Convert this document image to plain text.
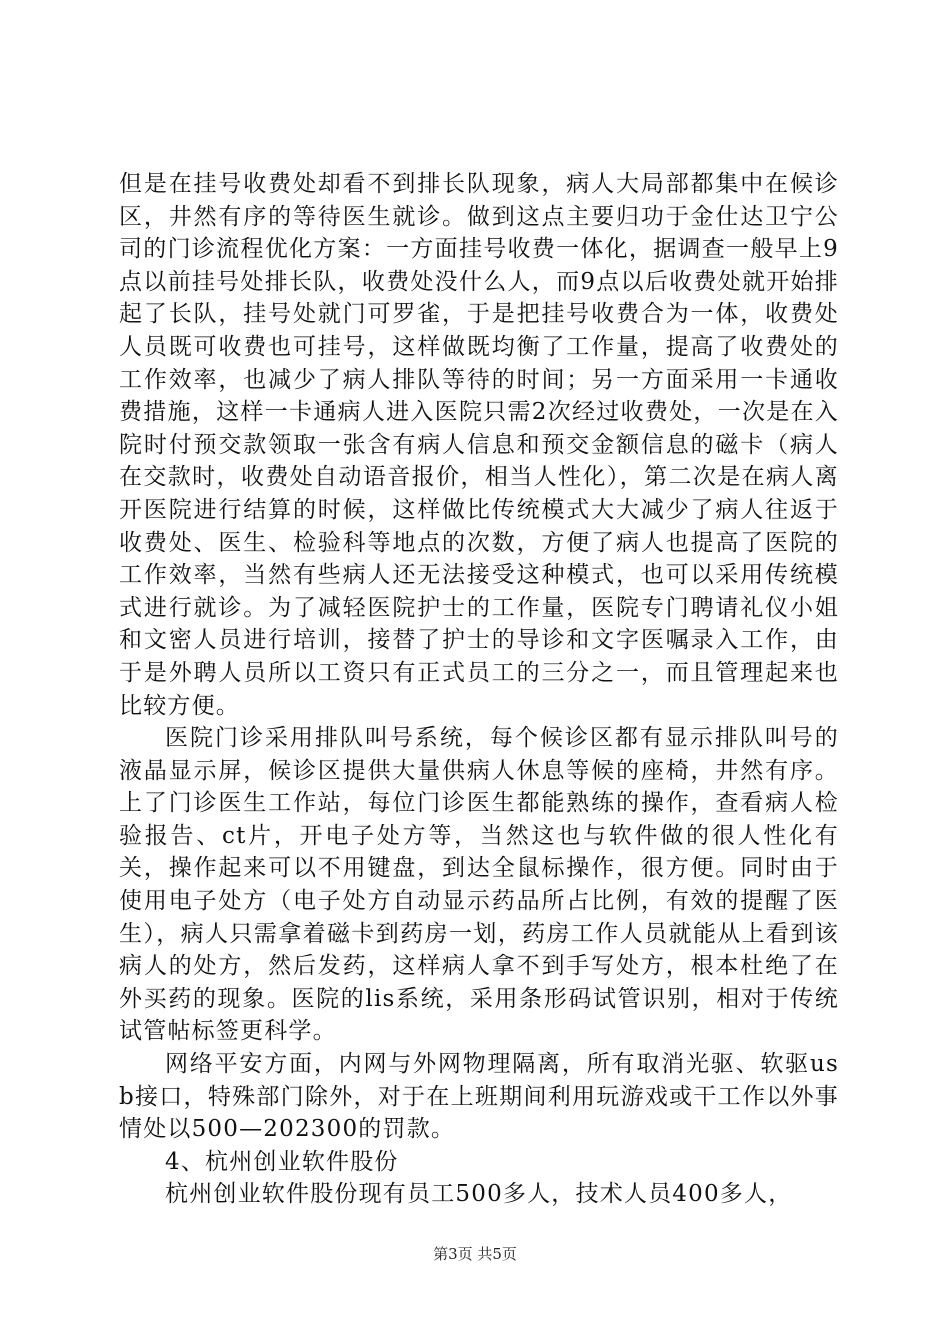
但是在挂号收费处却看不到排长队现象，病人大局部都集中在候诊区，井然有序的等待医生就诊。做到这点主要归功于金仕达卫宁公司的门诊流程优化方案：一方面挂号收费一体化，据调查一般早上9点以前挂号处排长队，收费处没什么人，而9点以后收费处就开始排起了长队，挂号处就门可罗雀，于是把挂号收费合为一体，收费处人员既可收费也可挂号，这样做既均衡了工作量，提高了收费处的工作效率，也减少了病人排队等待的时间；另一方面采用一卡通收费措施，这样一卡通病人进入医院只需2次经过收费处，一次是在入院时付预交款领取一张含有病人信息和预交金额信息的磁卡（病人在交款时，收费处自动语音报价，相当人性化），第二次是在病人离开医院进行结算的时候，这样做比传统模式大大减少了病人往返于收费处、医生、检验科等地点的次数，方便了病人也提高了医院的工作效率，当然有些病人还无法接受这种模式，也可以采用传统模式进行就诊。为了减轻医院护士的工作量，医院专门聘请礼仪小姐和文密人员进行培训，接替了护士的导诊和文字医嘱录入工作，由于是外聘人员所以工资只有正式员工的三分之一，而且管理起来也比较方便。

医院门诊采用排队叫号系统，每个候诊区都有显示排队叫号的液晶显示屏，候诊区提供大量供病人休息等候的座椅，井然有序。上了门诊医生工作站，每位门诊医生都能熟练的操作，查看病人检验报告、ct片，开电子处方等，当然这也与软件做的很人性化有关，操作起来可以不用键盘，到达全鼠标操作，很方便。同时由于使用电子处方（电子处方自动显示药品所占比例，有效的提醒了医生），病人只需拿着磁卡到药房一划，药房工作人员就能从上看到该病人的处方，然后发药，这样病人拿不到手写处方，根本杜绝了在外买药的现象。医院的lis系统，采用条形码试管识别，相对于传统试管帖标签更科学。

网络平安方面，内网与外网物理隔离，所有取消光驱、软驱usb接口，特殊部门除外，对于在上班期间利用玩游戏或干工作以外事情处以500—202300的罚款。

4、杭州创业软件股份

杭州创业软件股份现有员工500多人，技术人员400多人，

第3页 共5页
